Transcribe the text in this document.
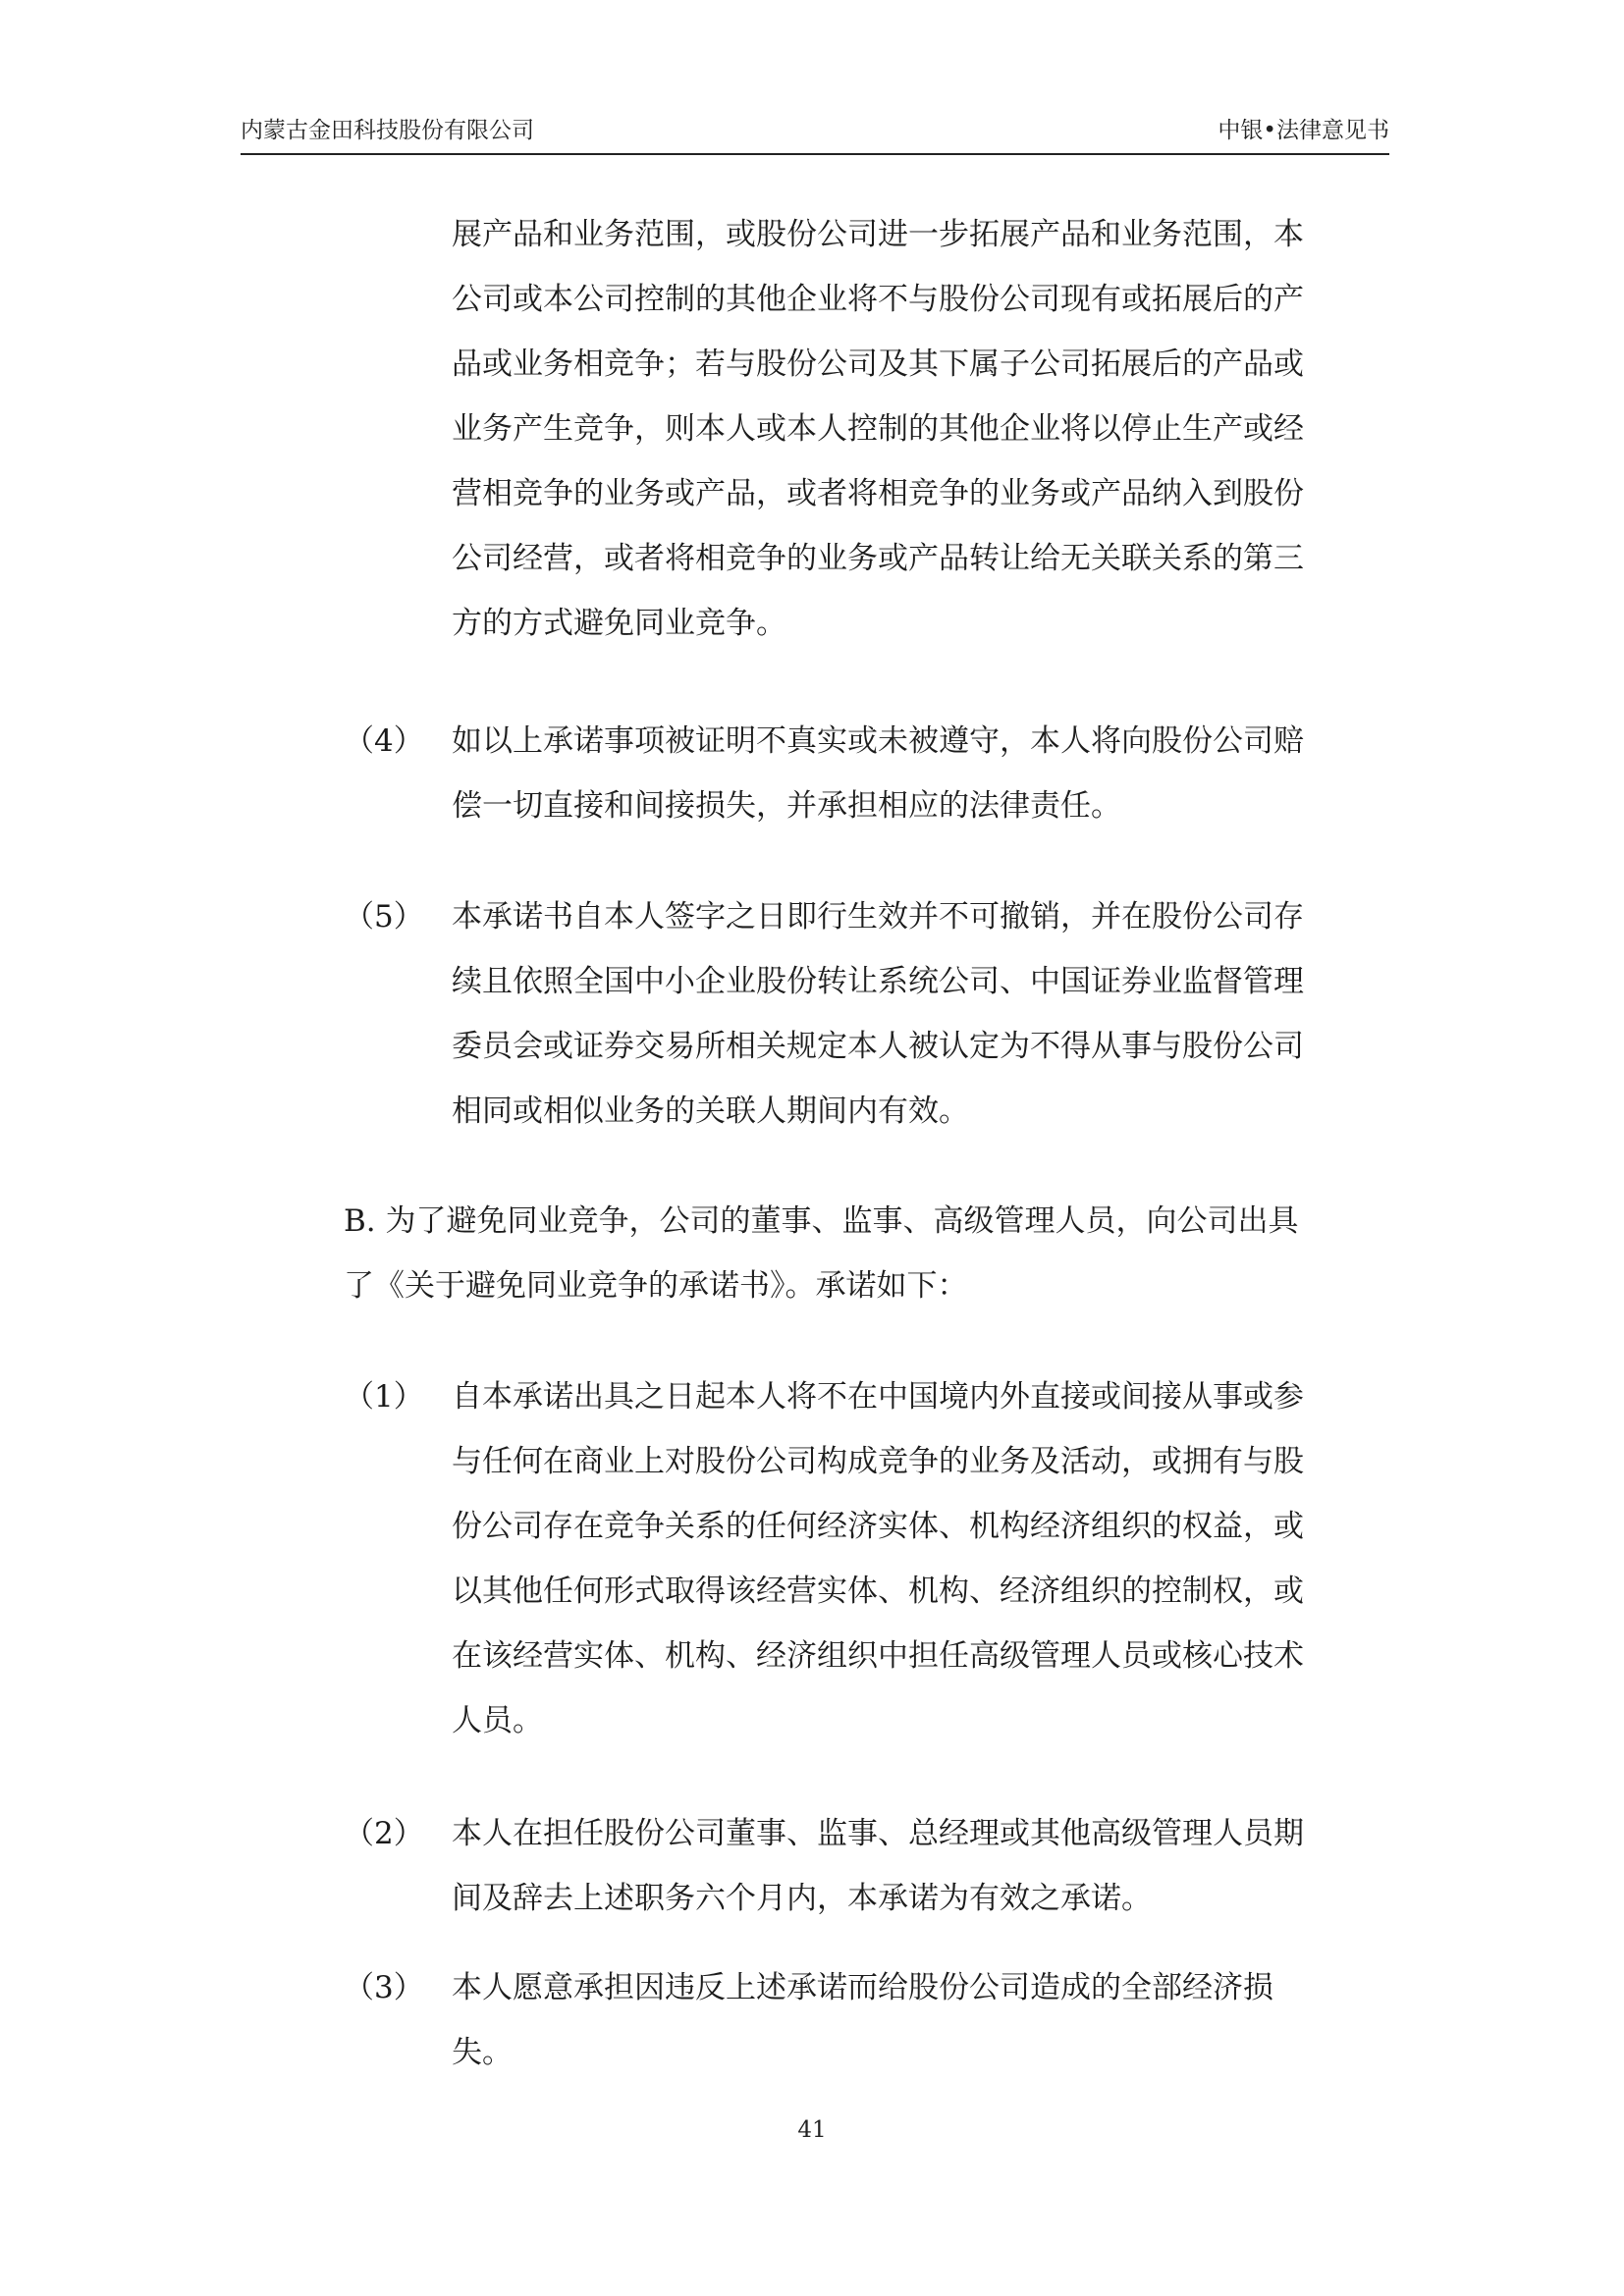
内蒙古金田科技股份有限公司	中银•法律意见书
展产品和业务范围，或股份公司进一步拓展产品和业务范围，本
公司或本公司控制的其他企业将不与股份公司现有或拓展后的产
品或业务相竞争；若与股份公司及其下属子公司拓展后的产品或
业务产生竞争，则本人或本人控制的其他企业将以停止生产或经
营相竞争的业务或产品，或者将相竞争的业务或产品纳入到股份
公司经营，或者将相竞争的业务或产品转让给无关联关系的第三
方的方式避免同业竞争。
（4） 如以上承诺事项被证明不真实或未被遵守，本人将向股份公司赔
偿一切直接和间接损失，并承担相应的法律责任。
（5） 本承诺书自本人签字之日即行生效并不可撤销，并在股份公司存
续且依照全国中小企业股份转让系统公司、中国证券业监督管理
委员会或证券交易所相关规定本人被认定为不得从事与股份公司
相同或相似业务的关联人期间内有效。
B. 为了避免同业竞争，公司的董事、监事、高级管理人员，向公司出具
了《关于避免同业竞争的承诺书》。承诺如下：
（1） 自本承诺出具之日起本人将不在中国境内外直接或间接从事或参
与任何在商业上对股份公司构成竞争的业务及活动，或拥有与股
份公司存在竞争关系的任何经济实体、机构经济组织的权益，或
以其他任何形式取得该经营实体、机构、经济组织的控制权，或
在该经营实体、机构、经济组织中担任高级管理人员或核心技术
人员。
（2） 本人在担任股份公司董事、监事、总经理或其他高级管理人员期
间及辞去上述职务六个月内，本承诺为有效之承诺。
（3） 本人愿意承担因违反上述承诺而给股份公司造成的全部经济损
失。
41
